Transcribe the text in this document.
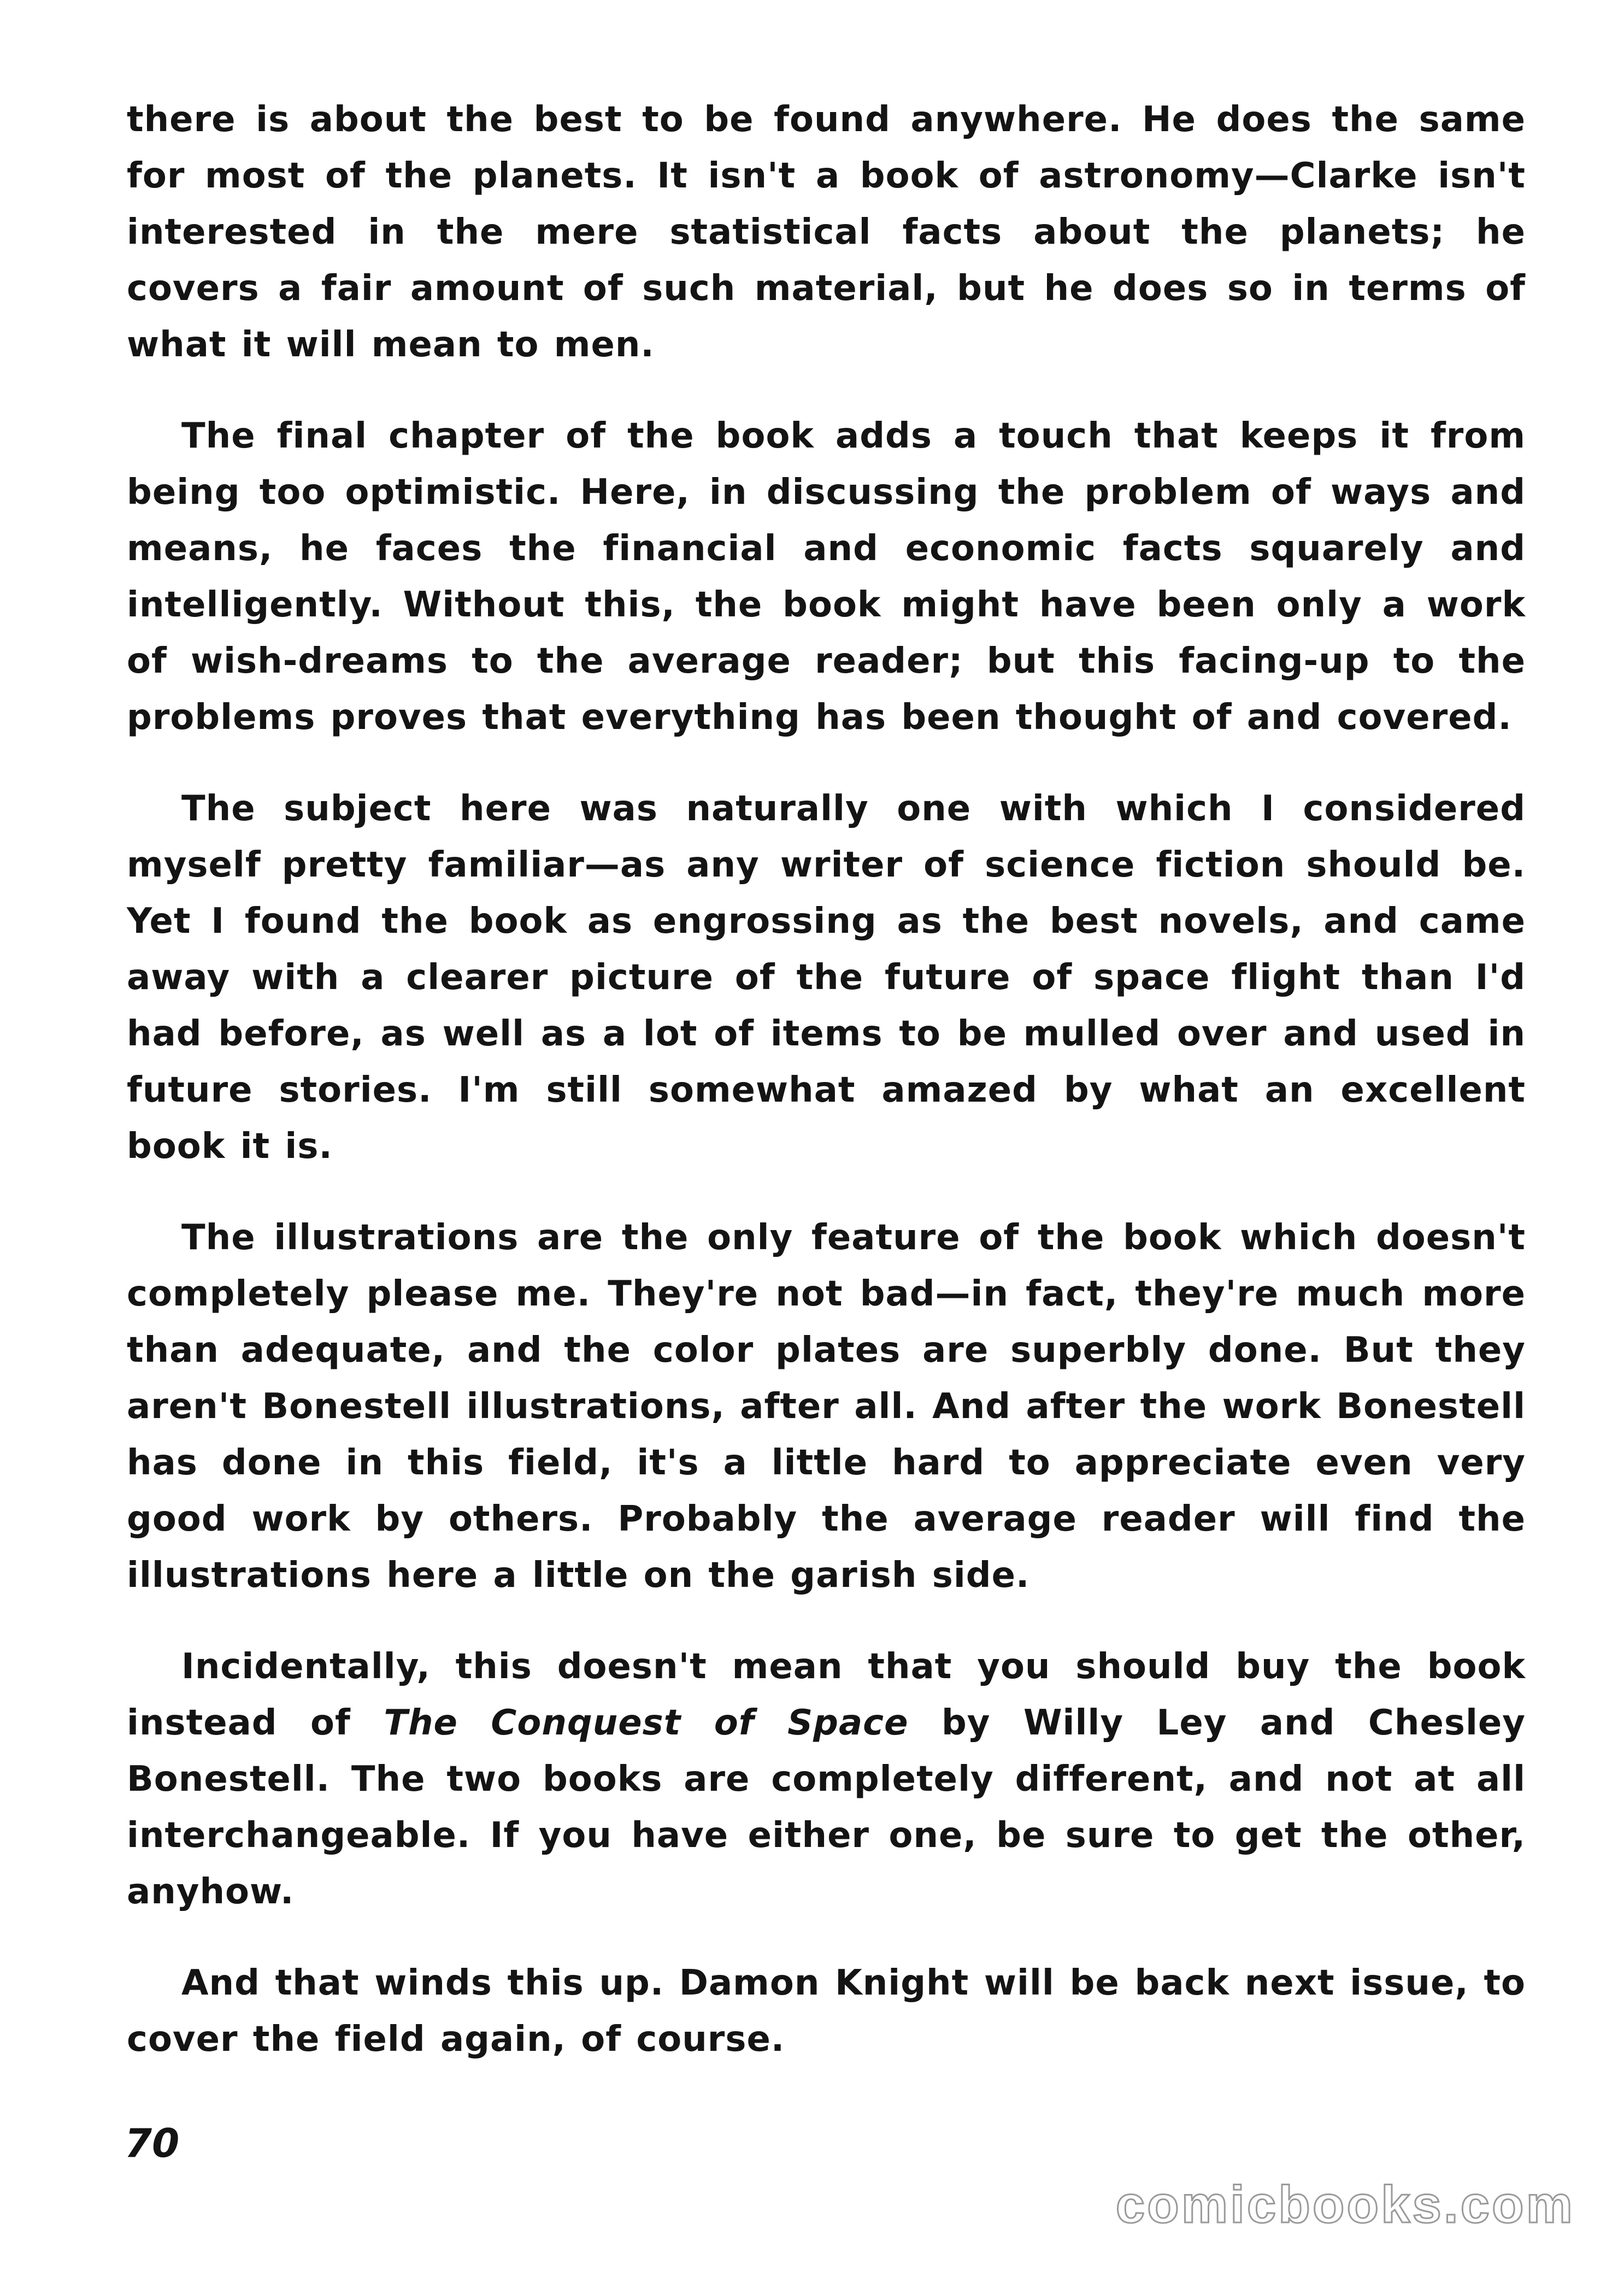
there is about the best to be found anywhere. He does the same for most of the planets. It isn't a book of astronomy—Clarke isn't interested in the mere statistical facts about the planets; he covers a fair amount of such material, but he does so in terms of what it will mean to men.

The final chapter of the book adds a touch that keeps it from being too optimistic. Here, in discussing the problem of ways and means, he faces the financial and economic facts squarely and intelligently. Without this, the book might have been only a work of wish-dreams to the average reader; but this facing-up to the problems proves that everything has been thought of and covered.

The subject here was naturally one with which I considered myself pretty familiar—as any writer of science fiction should be. Yet I found the book as engrossing as the best novels, and came away with a clearer picture of the future of space flight than I'd had before, as well as a lot of items to be mulled over and used in future stories. I'm still somewhat amazed by what an excellent book it is.

The illustrations are the only feature of the book which doesn't completely please me. They're not bad—in fact, they're much more than adequate, and the color plates are superbly done. But they aren't Bonestell illustrations, after all. And after the work Bonestell has done in this field, it's a little hard to appreciate even very good work by others. Probably the average reader will find the illustrations here a little on the garish side.

Incidentally, this doesn't mean that you should buy the book instead of The Conquest of Space by Willy Ley and Chesley Bonestell. The two books are completely different, and not at all interchangeable. If you have either one, be sure to get the other, anyhow.

And that winds this up. Damon Knight will be back next issue, to cover the field again, of course.

70
comicbooks.com
